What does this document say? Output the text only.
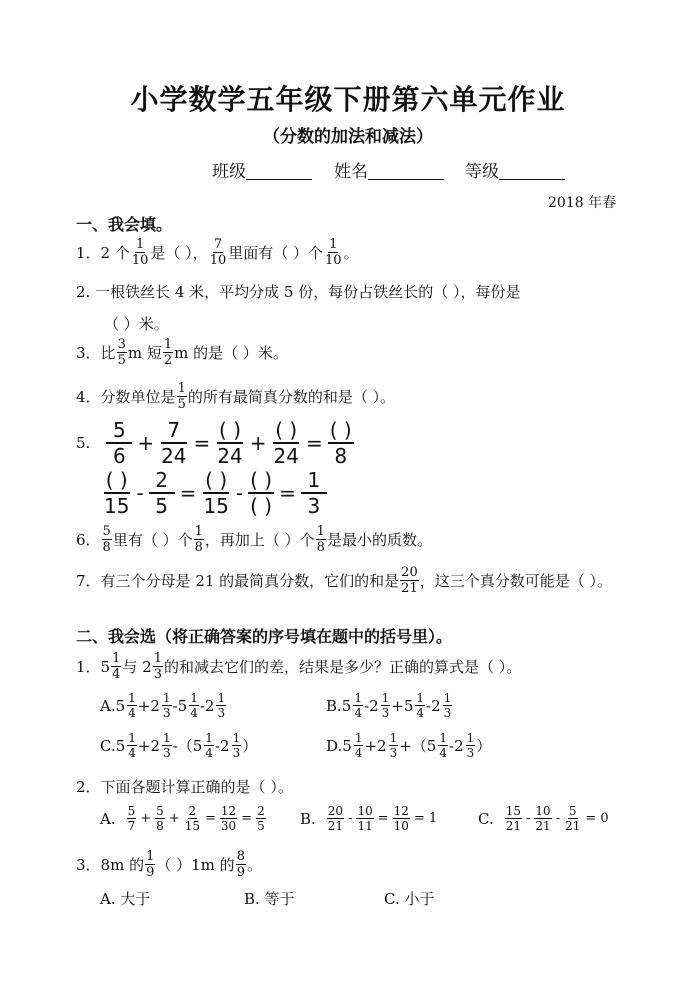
小学数学五年级下册第六单元作业
（分数的加法和减法）
班级	姓名	等级
2018 年春
一、我会填。
1． 2 个 $\frac{1}{10}$ 是（ ）， $\frac{7}{10}$ 里面有（ ）个 $\frac{1}{10}$ 。
2. 一根铁丝长 4 米，平均分成 5 份，每份占铁丝长的（ ），每份是
（ ）米。
3． 比 $\frac{3}{5}$ m 短 $\frac{1}{2}$ m 的是（ ）米。
4． 分数单位是 $\frac{1}{5}$ 的所有最简真分数的和是（ ）。
5. $\frac{5}{6} + \frac{7}{24}$ =
( )
24
+
( )
24
=
( )
8
( )
15
- $\frac{2}{5}$ =
( )
15
-
( )
( )
= $\frac{1}{3}$
6． $\frac{5}{8}$ 里有（ ）个 $\frac{1}{8}$ ，再加上（ ）个 $\frac{1}{8}$ 是最小的质数。
7． 有三个分母是 21 的最简真分数，它们的和是 $\frac{20}{21}$ ，这三个真分数可能是（ ）。
二、我会选（将正确答案的序号填在题中的括号里）。
1． $5 \frac{1}{4}$ 与 $2 \frac{1}{3}$ 的和减去它们的差，结果是多少？正确的算式是（ ）。
A. $5 \frac{1}{4} + 2 \frac{1}{3} - 5 \frac{1}{4} - 2 \frac{1}{3}$	B. $5 \frac{1}{4} - 2 \frac{1}{3} + 5 \frac{1}{4} - 2 \frac{1}{3}$
C. $5 \frac{1}{4} + 2 \frac{1}{3}$ -（ $5 \frac{1}{4} - 2 \frac{1}{3}$ ）	D. $5 \frac{1}{4} + 2 \frac{1}{3}$ +（ $5 \frac{1}{4} - 2 \frac{1}{3}$ ）
2． 下面各题计算正确的是（ ）。
A. $\frac{5}{7} + \frac{5}{8} + \frac{2}{15} = \frac{12}{30} = \frac{2}{5} B$. $\frac{20}{21} - \frac{10}{11} = \frac{12}{10} = 1$	C. $\frac{15}{21} - \frac{10}{21} - \frac{5}{21} = 0$
3． 8m 的 $\frac{1}{9}$ （ ）1m 的 $\frac{8}{9}$ 。
A. 大于	B. 等于	C. 小于
